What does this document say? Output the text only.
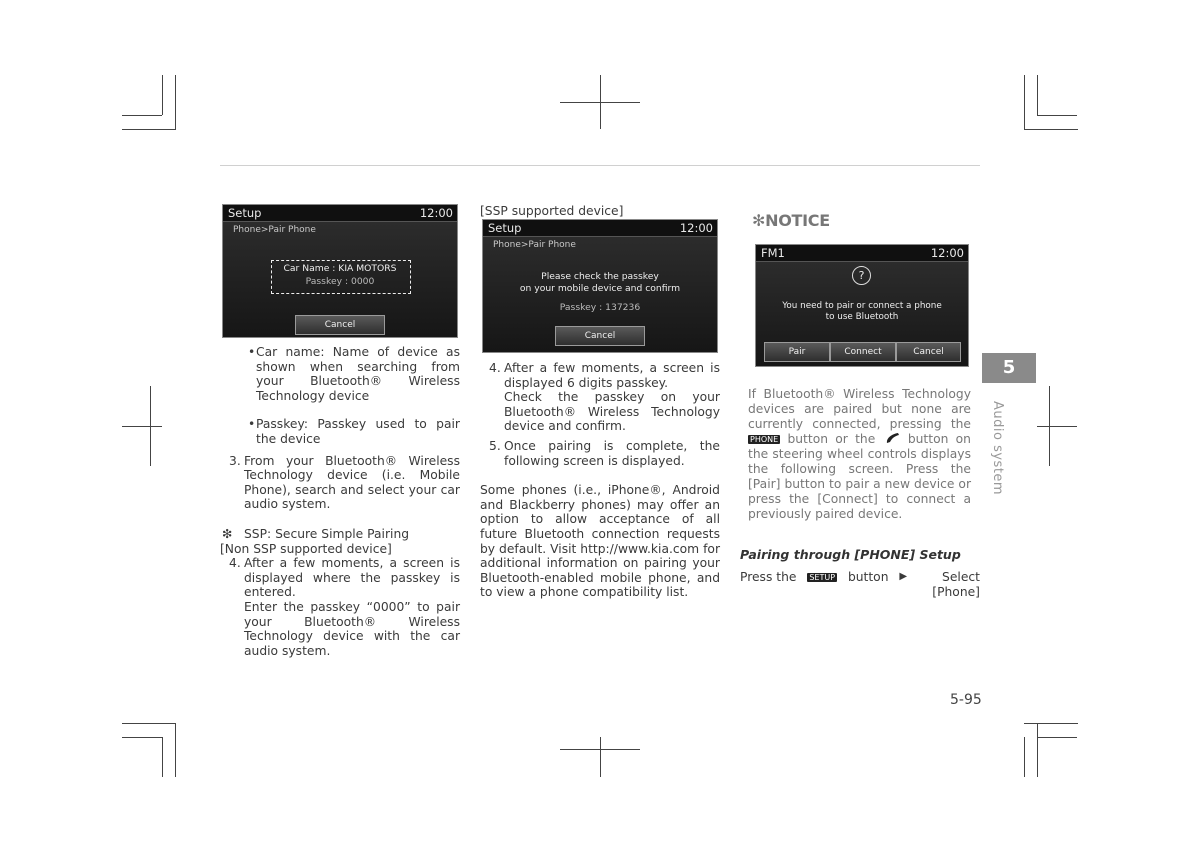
Setup	12:00
Phone>Pair Phone
Car Name : KIA MOTORS
Passkey : 0000
Cancel
• Car name: Name of device as shown when searching from your Bluetooth® Wireless Technology device
• Passkey: Passkey used to pair the device
3. From your Bluetooth® Wireless Technology device (i.e. Mobile Phone), search and select your car audio system.
❇ SSP: Secure Simple Pairing
[Non SSP supported device]
4. After a few moments, a screen is displayed where the passkey is entered.
Enter the passkey “0000” to pair your Bluetooth® Wireless Technology device with the car audio system.
[SSP supported device]
Setup	12:00
Phone>Pair Phone
Please check the passkey
on your mobile device and confirm
Passkey : 137236
Cancel
4. After a few moments, a screen is displayed 6 digits passkey.
Check the passkey on your Bluetooth® Wireless Technology device and confirm.
5. Once pairing is complete, the following screen is displayed.
Some phones (i.e., iPhone®, Android and Blackberry phones) may offer an option to allow acceptance of all future Bluetooth connection requests by default. Visit http://www.kia.com for additional information on pairing your Bluetooth-enabled mobile phone, and to view a phone compatibility list.
✻NOTICE
FM1	12:00
?
You need to pair or connect a phone
to use Bluetooth
Pair	Connect	Cancel
If Bluetooth® Wireless Technology devices are paired but none are currently connected, pressing the PHONE button or the	button on the steering wheel controls displays the following screen. Press the [Pair] button to pair a new device or press the [Connect] to connect a previously paired device.
Pairing through [PHONE] Setup
Press the SETUP button ▶	Select [Phone]
5
Audio system
5-95
